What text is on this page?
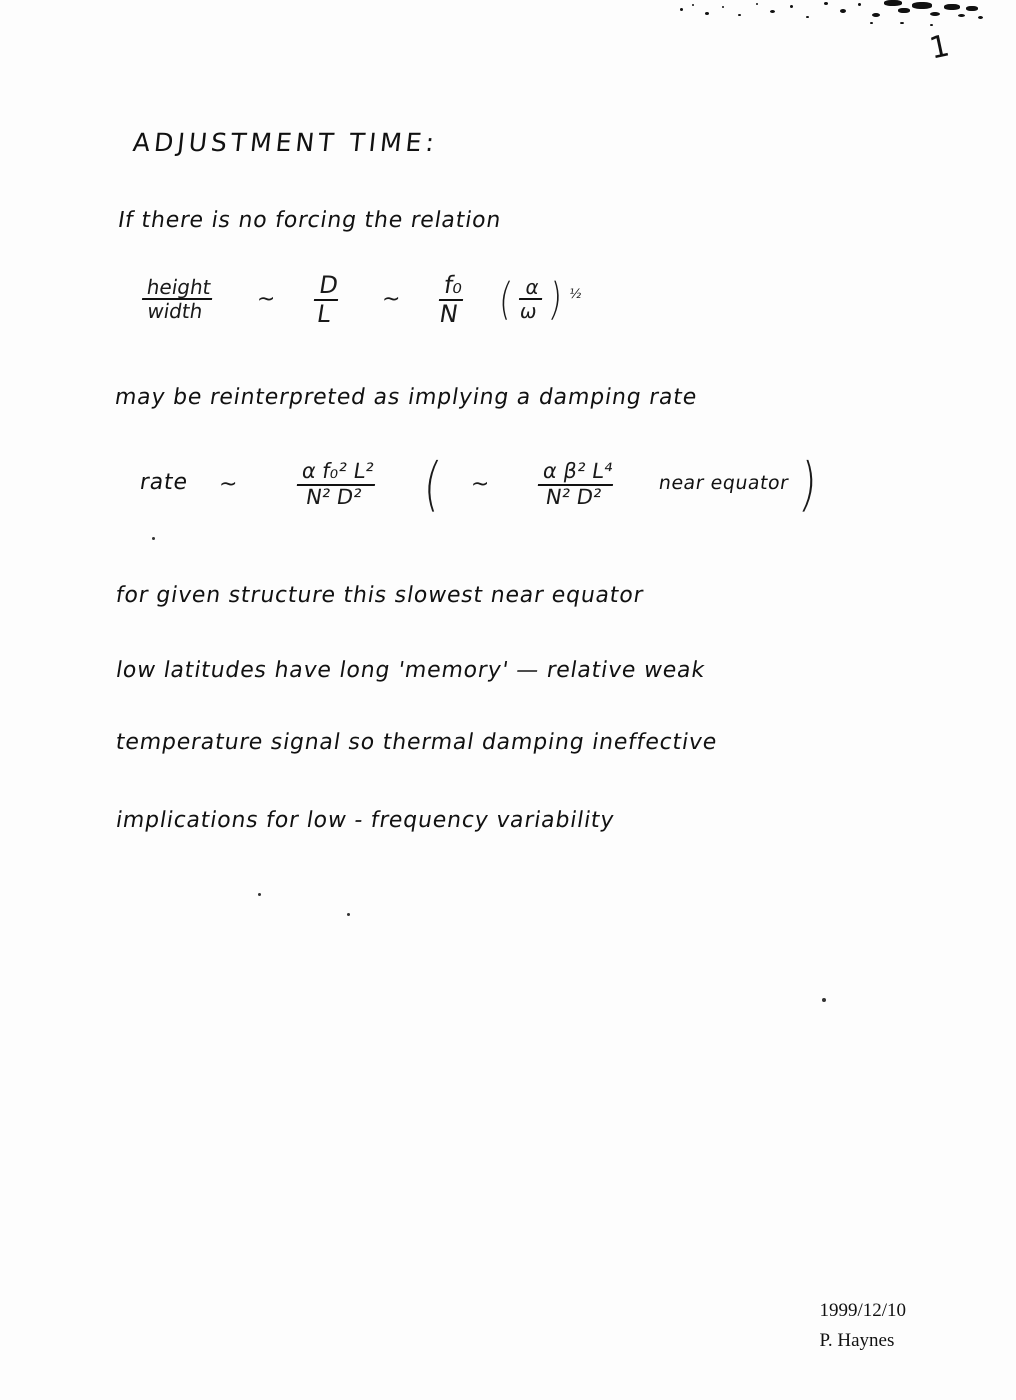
1
ADJUSTMENT TIME:
If there is no forcing the relation
$\frac{\text{height}}{\text{width}}$ ~ $\frac{D}{L}$ ~ $\frac{\text{f₀}}{N}$ ( $\frac{\alpha}{\omega}$ ) ½
may be reinterpreted as implying a damping rate
rate ~	$\frac{\text{α f₀² L²}}{\text{N² D²}}$ ( ~ $\frac{\text{α β² L⁴}}{\text{N² D²}}$ near equator )
for given structure this slowest near equator
low latitudes have long 'memory' — relative weak
temperature signal so thermal damping ineffective
implications for low - frequency variability
1999/12/10
P. Haynes
